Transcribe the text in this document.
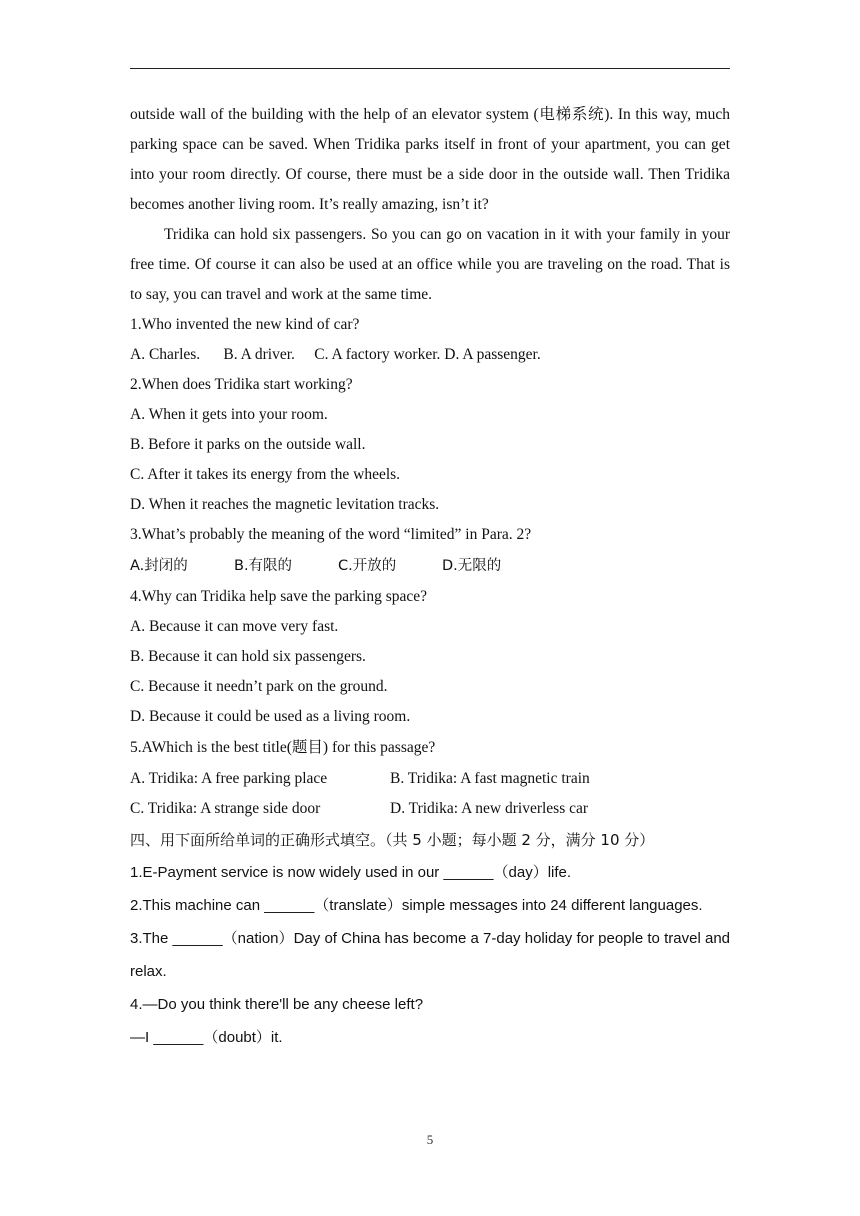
outside wall of the building with the help of an elevator system (电梯系统). In this way, much parking space can be saved. When Tridika parks itself in front of your apartment, you can get into your room directly. Of course, there must be a side door in the outside wall. Then Tridika becomes another living room. It’s really amazing, isn’t it?

Tridika can hold six passengers. So you can go on vacation in it with your family in your free time. Of course it can also be used at an office while you are traveling on the road. That is to say, you can travel and work at the same time.

1.Who invented the new kind of car?

A. Charles. B. A driver. C. A factory worker. D. A passenger.

2.When does Tridika start working?

A. When it gets into your room.

B. Before it parks on the outside wall.

C. After it takes its energy from the wheels.

D. When it reaches the magnetic levitation tracks.

3.What’s probably the meaning of the word “limited” in Para. 2?

A.封闭的	B.有限的	C.开放的	D.无限的

4.Why can Tridika help save the parking space?

A. Because it can move very fast.

B. Because it can hold six passengers.

C. Because it needn’t park on the ground.

D. Because it could be used as a living room.

5.AWhich is the best title(题目) for this passage?

A. Tridika: A free parking place	B. Tridika: A fast magnetic train

C. Tridika: A strange side door	D. Tridika: A new driverless car

四、用下面所给单词的正确形式填空。（共 5 小题；每小题 2 分，满分 10 分）

1.E-Payment service is now widely used in our ______（day）life.

2.This machine can ______（translate）simple messages into 24 different languages.

3.The ______（nation）Day of China has become a 7-day holiday for people to travel and relax.

4.—Do you think there'll be any cheese left?

—I ______（doubt）it.

5
